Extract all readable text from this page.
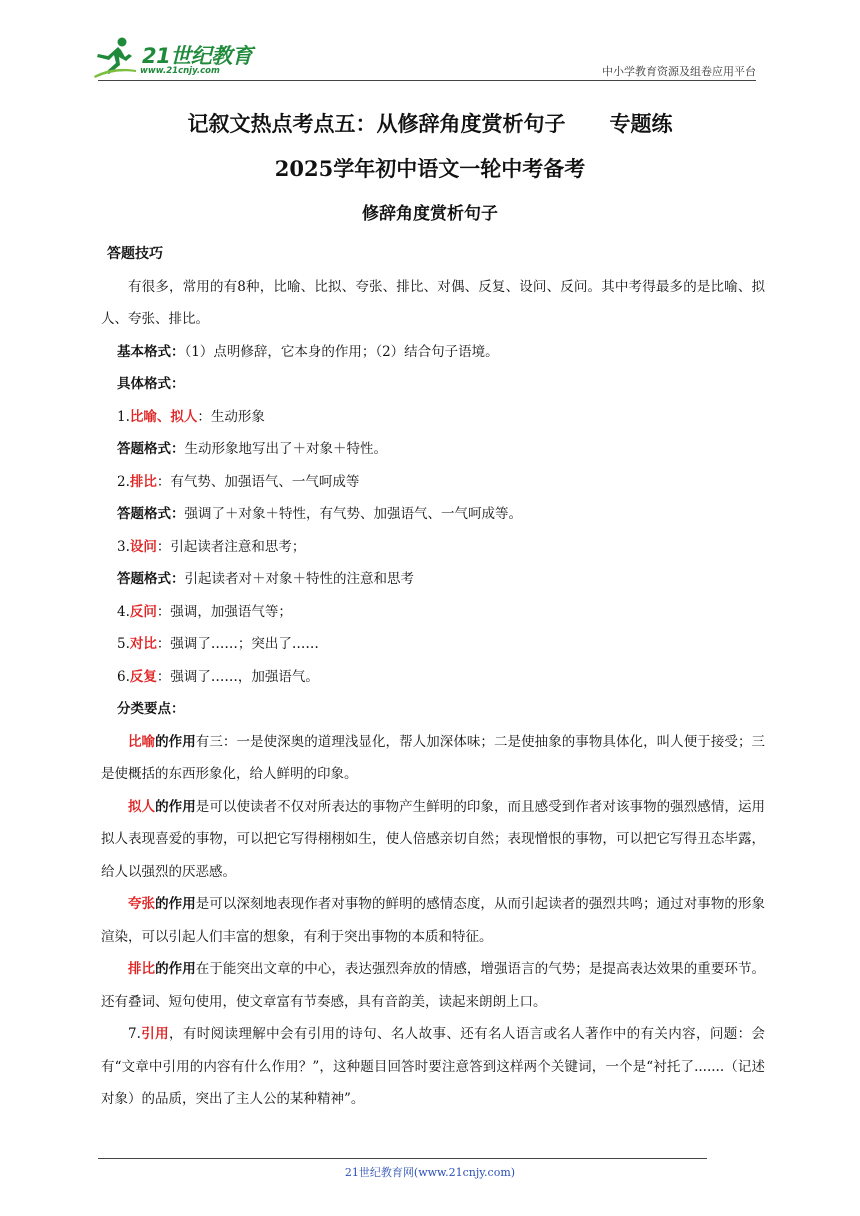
21世纪教育
www.21cnjy.com	中小学教育资源及组卷应用平台
记叙文热点考点五：从修辞角度赏析句子 专题练
2025学年初中语文一轮中考备考
修辞角度赏析句子
答题技巧

有很多，常用的有8种，比喻、比拟、夸张、排比、对偶、反复、设问、反问。其中考得最多的是比喻、拟人、夸张、排比。

基本格式：（1）点明修辞，它本身的作用；（2）结合句子语境。

具体格式：

1.比喻、拟人：生动形象

答题格式：生动形象地写出了＋对象＋特性。

2.排比：有气势、加强语气、一气呵成等

答题格式：强调了＋对象＋特性，有气势、加强语气、一气呵成等。

3.设问：引起读者注意和思考；

答题格式：引起读者对＋对象＋特性的注意和思考

4.反问：强调，加强语气等；

5.对比：强调了……；突出了……

6.反复：强调了……，加强语气。

分类要点：

比喻的作用有三：一是使深奥的道理浅显化，帮人加深体味；二是使抽象的事物具体化，叫人便于接受；三是使概括的东西形象化，给人鲜明的印象。

拟人的作用是可以使读者不仅对所表达的事物产生鲜明的印象，而且感受到作者对该事物的强烈感情，运用拟人表现喜爱的事物，可以把它写得栩栩如生，使人倍感亲切自然；表现憎恨的事物，可以把它写得丑态毕露，给人以强烈的厌恶感。

夸张的作用是可以深刻地表现作者对事物的鲜明的感情态度，从而引起读者的强烈共鸣；通过对事物的形象渲染，可以引起人们丰富的想象，有利于突出事物的本质和特征。

排比的作用在于能突出文章的中心，表达强烈奔放的情感，增强语言的气势；是提高表达效果的重要环节。还有叠词、短句使用，使文章富有节奏感，具有音韵美，读起来朗朗上口。

7.引用，有时阅读理解中会有引用的诗句、名人故事、还有名人语言或名人著作中的有关内容，问题：会有“文章中引用的内容有什么作用？”，这种题目回答时要注意答到这样两个关键词，一个是“衬托了.......（记述对象）的品质，突出了主人公的某种精神”。

21世纪教育网(www.21cnjy.com)
